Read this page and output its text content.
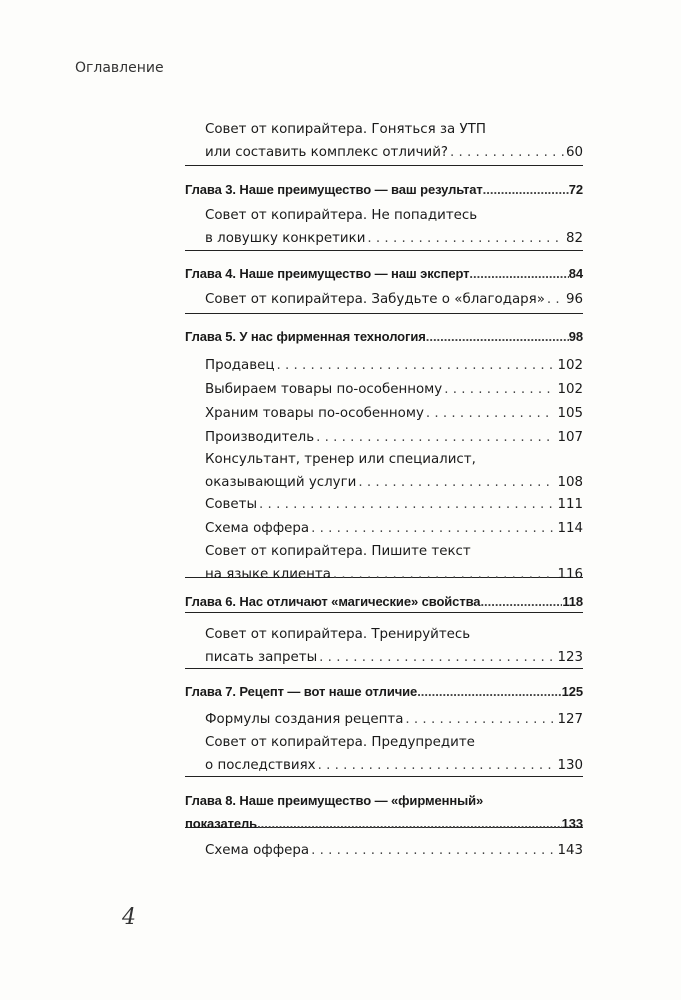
Оглавление
Совет от копирайтера. Гоняться за УТП
или составить комплекс отличий? . . .	60
Глава 3. Наше преимущество — ваш результат .....	72
Совет от копирайтера. Не попадитесь
в ловушку конкретики . . .	82
Глава 4. Наше преимущество — наш эксперт .....	84
Совет от копирайтера. Забудьте о «благодаря» . . . 96
Глава 5. У нас фирменная технология .....	98
Продавец . . .	102
Выбираем товары по-особенному . . .	102
Храним товары по-особенному . . .	105
Производитель . . .	107
Консультант, тренер или специалист,
оказывающий услуги . . .	108
Советы . . .	111
Схема оффера . . .	114
Совет от копирайтера. Пишите текст
на языке клиента . . .	116
Глава 6. Нас отличают «магические» свойства .....	118
Совет от копирайтера. Тренируйтесь
писать запреты . . .	123
Глава 7. Рецепт — вот наше отличие .....	125
Формулы создания рецепта . . .	127
Совет от копирайтера. Предупредите
о последствиях . . .	130
Глава 8. Наше преимущество — «фирменный»
показатель .....	133
Схема оффера . . .	143
4
